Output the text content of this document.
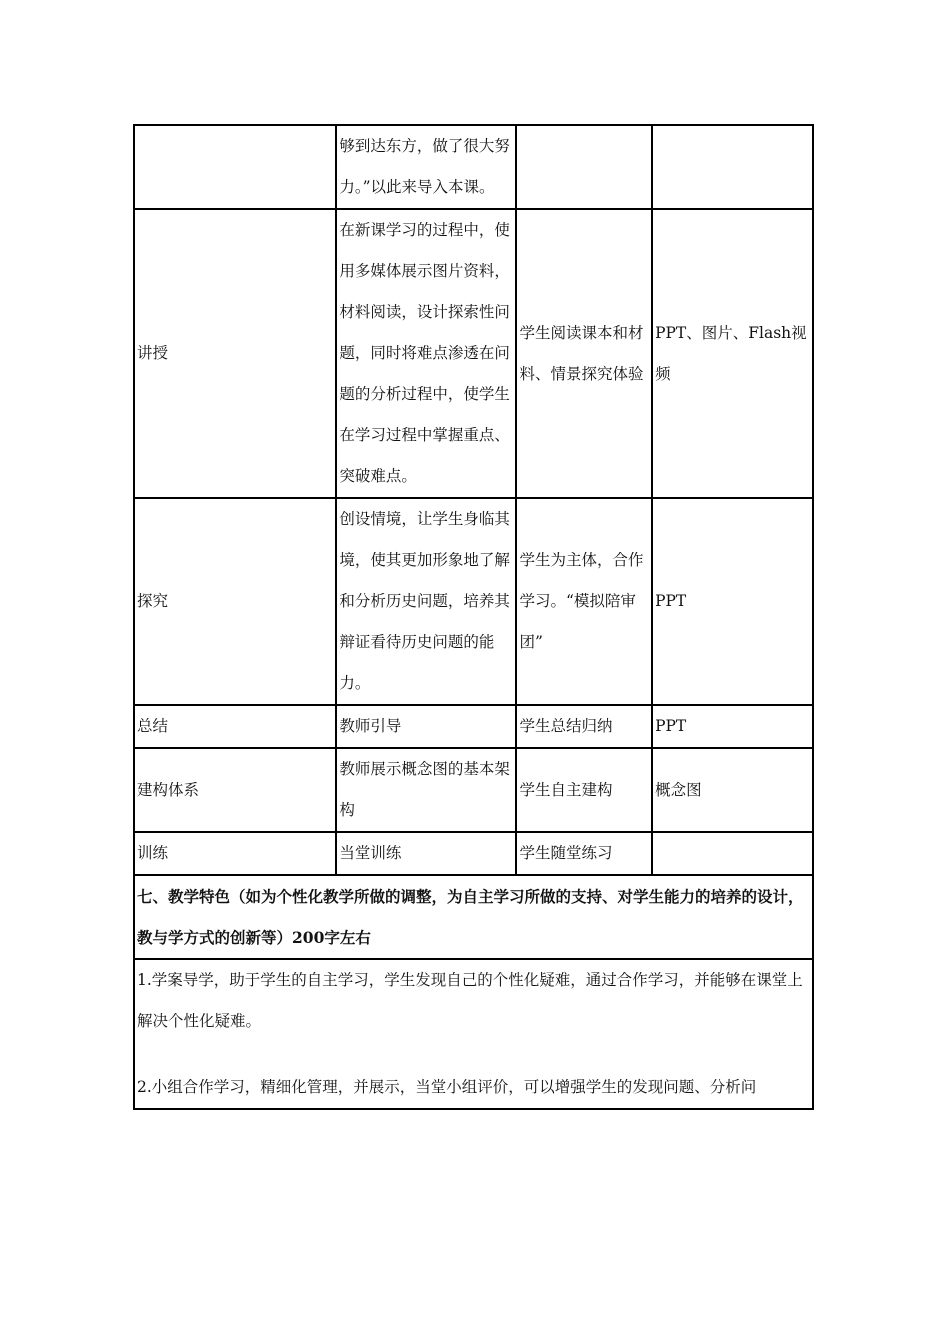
	够到达东方，做了很大努力。”以此来导入本课。		
讲授	在新课学习的过程中，使用多媒体展示图片资料，材料阅读，设计探索性问题，同时将难点渗透在问题的分析过程中，使学生在学习过程中掌握重点、突破难点。	学生阅读课本和材料、情景探究体验	PPT、图片、Flash视频
探究	创设情境，让学生身临其境，使其更加形象地了解和分析历史问题，培养其辩证看待历史问题的能力。	学生为主体，合作学习。“模拟陪审团”	PPT
总结	教师引导	学生总结归纳	PPT
建构体系	教师展示概念图的基本架构	学生自主建构	概念图
训练	当堂训练	学生随堂练习	
七、教学特色（如为个性化教学所做的调整，为自主学习所做的支持、对学生能力的培养的设计，教与学方式的创新等）200字左右			

1.学案导学，助于学生的自主学习，学生发现自己的个性化疑难，通过合作学习，并能够在课堂上解决个性化疑难。
2.小组合作学习，精细化管理，并展示，当堂小组评价，可以增强学生的发现问题、分析问			
